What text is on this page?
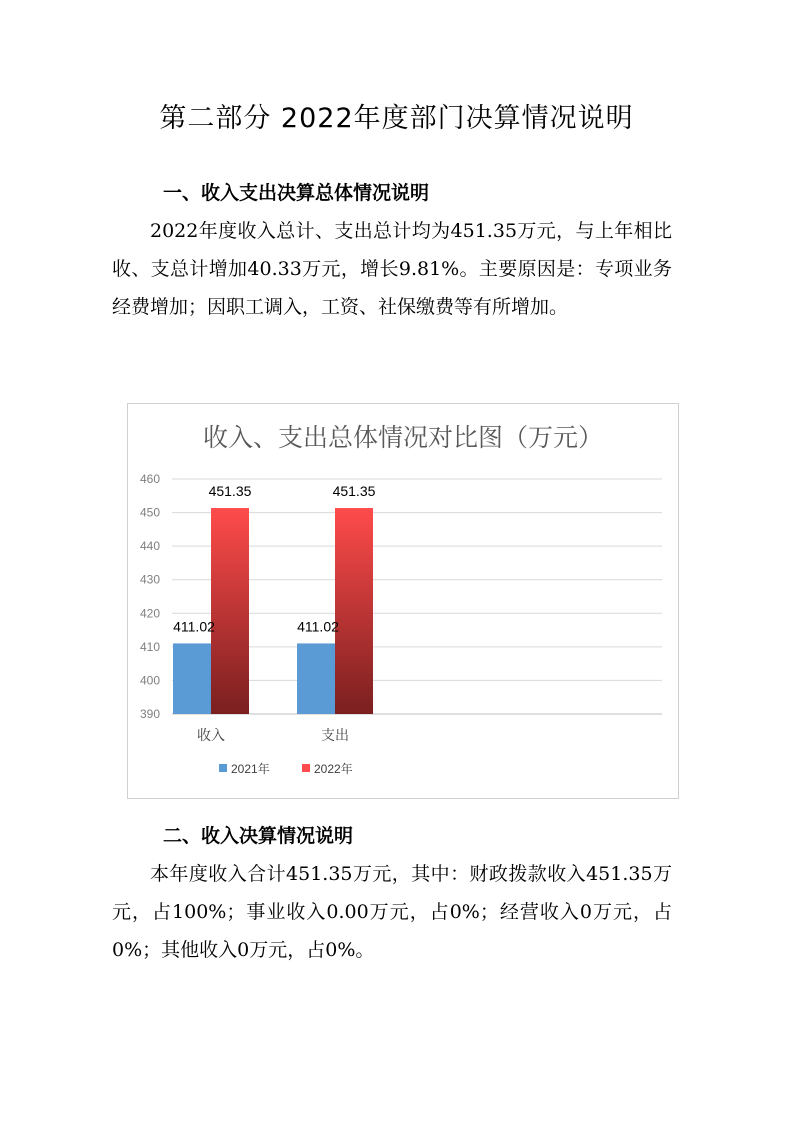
第二部分 2022年度部门决算情况说明
一、收入支出决算总体情况说明

2022年度收入总计、支出总计均为451.35万元，与上年相比收、支总计增加40.33万元，增长9.81%。主要原因是：专项业务经费增加；因职工调入，工资、社保缴费等有所增加。

收入、支出总体情况对比图（万元）
390
400
410
420
430
440
450
460
411.02
451.35
收入
411.02
451.35
支出
2021年	2022年
二、收入决算情况说明

本年度收入合计451.35万元，其中：财政拨款收入451.35万元，占100%；事业收入0.00万元，占0%；经营收入0万元，占0%；其他收入0万元，占0%。
